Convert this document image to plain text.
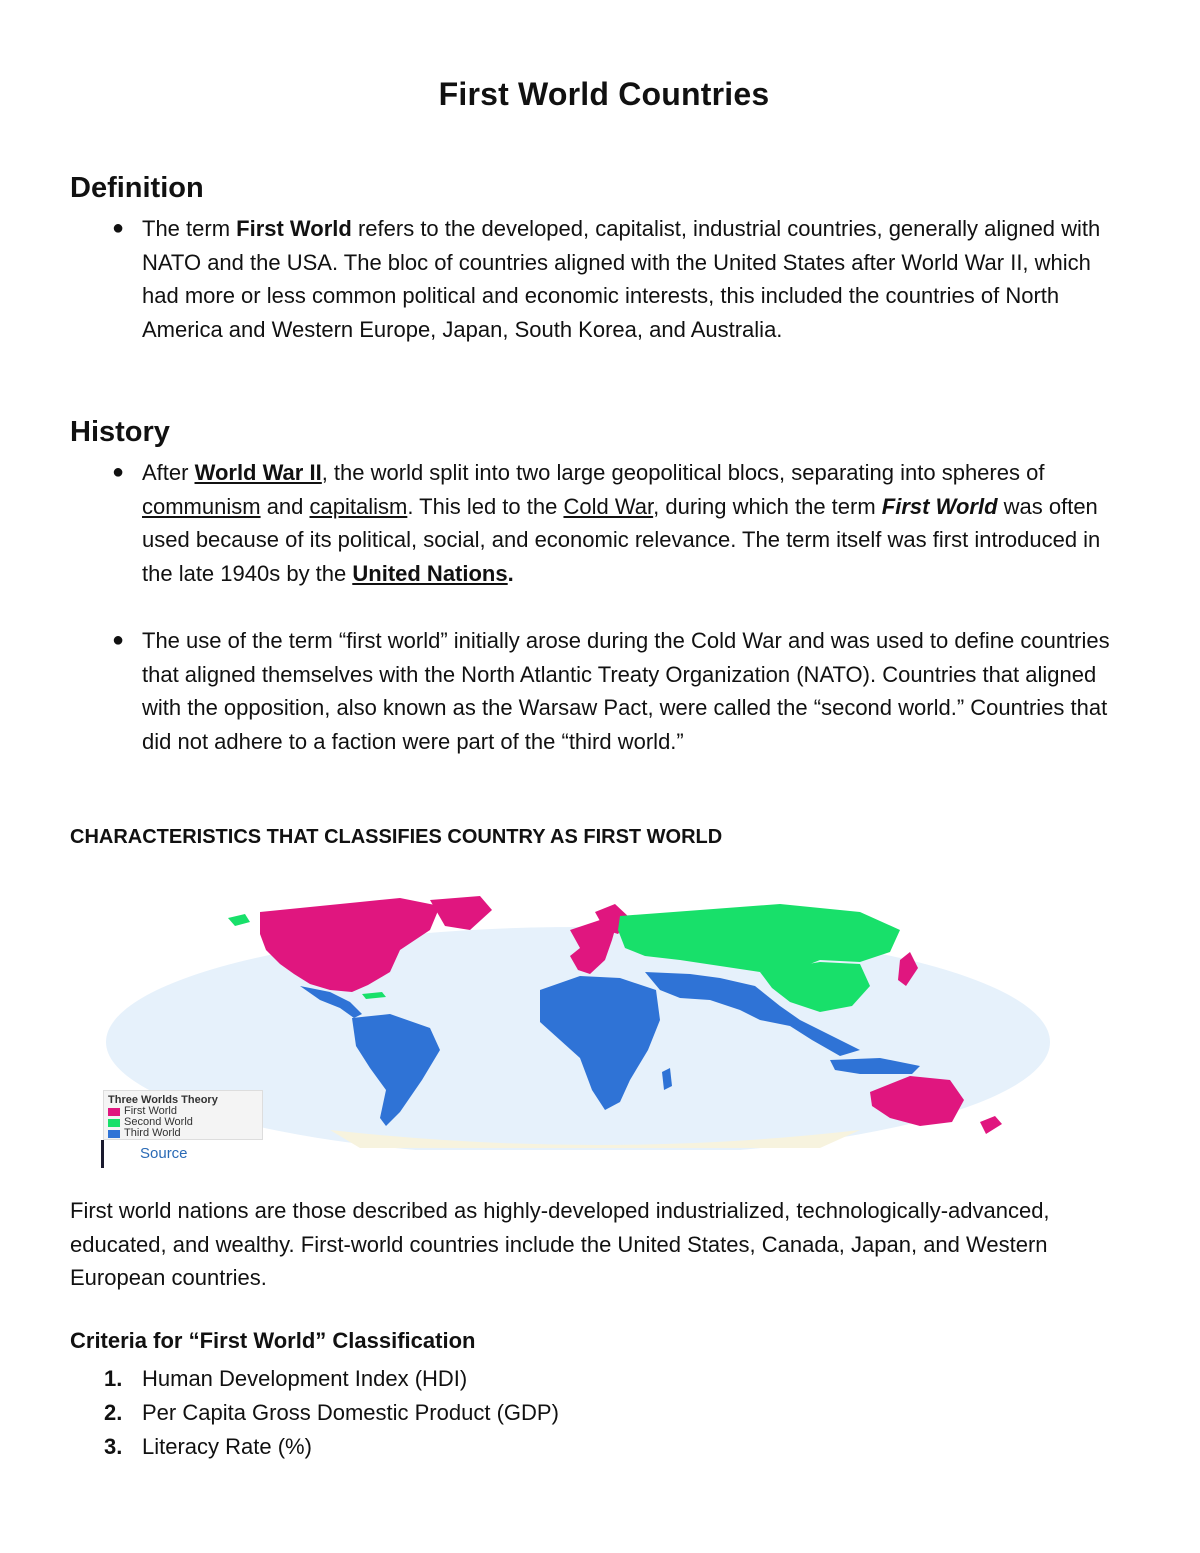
First World Countries
Definition
● The term First World refers to the developed, capitalist, industrial countries, generally aligned with NATO and the USA. The bloc of countries aligned with the United States after World War II, which had more or less common political and economic interests, this included the countries of North America and Western Europe, Japan, South Korea, and Australia.
History
● After World War II, the world split into two large geopolitical blocs, separating into spheres of communism and capitalism. This led to the Cold War, during which the term First World was often used because of its political, social, and economic relevance. The term itself was first introduced in the late 1940s by the United Nations.
● The use of the term “first world” initially arose during the Cold War and was used to define countries that aligned themselves with the North Atlantic Treaty Organization (NATO). Countries that aligned with the opposition, also known as the Warsaw Pact, were called the “second world.” Countries that did not adhere to a faction were part of the “third world.”
CHARACTERISTICS THAT CLASSIFIES COUNTRY AS FIRST WORLD
Three Worlds Theory
First World
Second World
Third World
Source
First world nations are those described as highly-developed industrialized, technologically-advanced, educated, and wealthy. First-world countries include the United States, Canada, Japan, and Western European countries.
Criteria for “First World” Classification
1. Human Development Index (HDI)
2. Per Capita Gross Domestic Product (GDP)
3. Literacy Rate (%)
